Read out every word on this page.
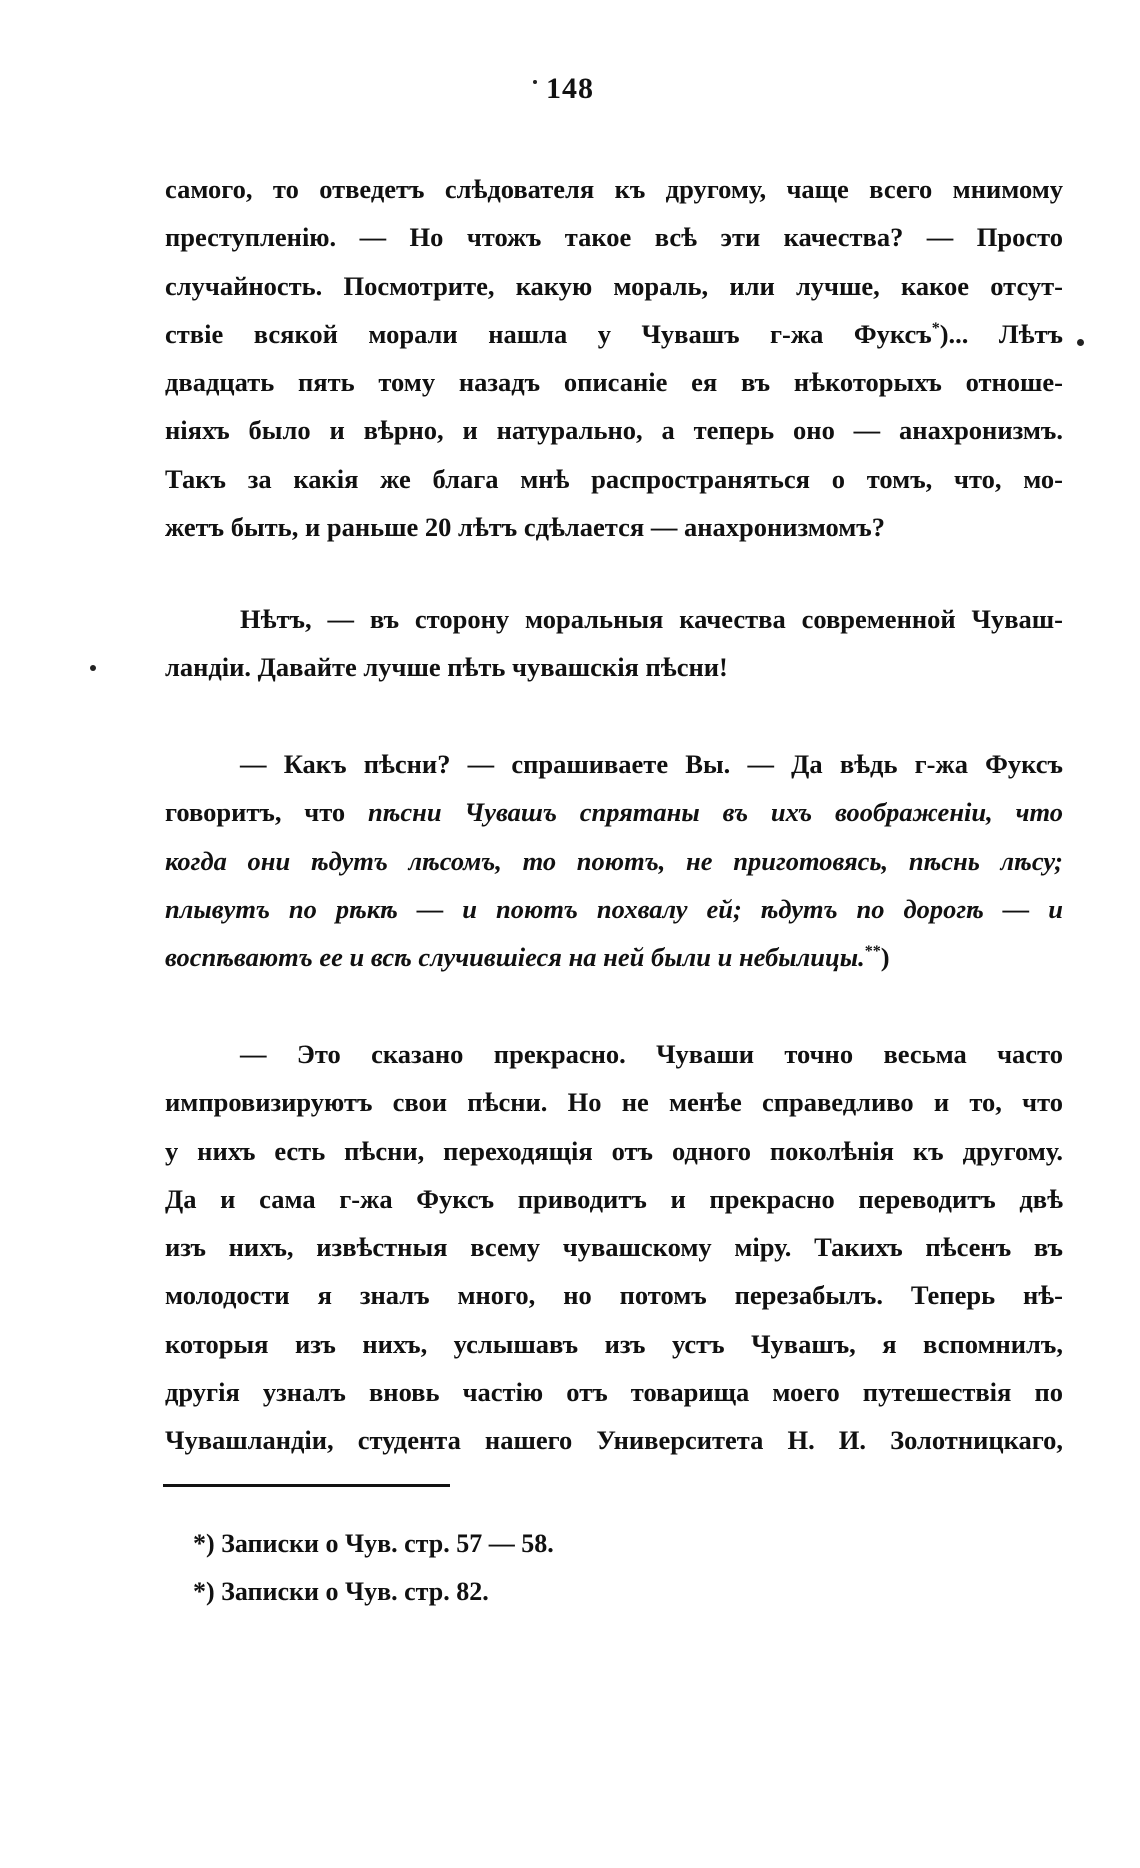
148
самого, то отведетъ слѣдователя къ другому, чаще всего мнимому
преступленію. — Но чтожъ такое всѣ эти качества? — Просто
случайность. Посмотрите, какую мораль, или лучше, какое отсут-
ствіе всякой морали нашла у Чувашъ г-жа Фуксъ*)... Лѣтъ
двадцать пять тому назадъ описаніе ея въ нѣкоторыхъ отноше-
ніяхъ было и вѣрно, и натурально, а теперь оно — анахронизмъ.
Такъ за какія же блага мнѣ распространяться о томъ, что, мо-
жетъ быть, и раньше 20 лѣтъ сдѣлается — анахронизмомъ?
Нѣтъ, — въ сторону моральныя качества современной Чуваш-
ландіи. Давайте лучше пѣть чувашскія пѣсни!
— Какъ пѣсни? — спрашиваете Вы. — Да вѣдь г-жа Фуксъ
говоритъ, что пѣсни Чувашъ спрятаны въ ихъ воображеніи, что
когда они ѣдутъ лѣсомъ, то поютъ, не приготовясь, пѣснь лѣсу;
плывутъ по рѣкѣ — и поютъ похвалу ей; ѣдутъ по дорогѣ — и
воспѣваютъ ее и всѣ случившіеся на ней были и небылицы.**)
— Это сказано прекрасно. Чуваши точно весьма часто
импровизируютъ свои пѣсни. Но не менѣе справедливо и то, что
у нихъ есть пѣсни, переходящія отъ одного поколѣнія къ другому.
Да и сама г-жа Фуксъ приводитъ и прекрасно переводитъ двѣ
изъ нихъ, извѣстныя всему чувашскому міру. Такихъ пѣсенъ въ
молодости я зналъ много, но потомъ перезабылъ. Теперь нѣ-
которыя изъ нихъ, услышавъ изъ устъ Чувашъ, я вспомнилъ,
другія узналъ вновь частію отъ товарища моего путешествія по
Чувашландіи, студента нашего Университета Н. И. Золотницкаго,
*) Записки о Чув. стр. 57 — 58.
*) Записки о Чув. стр. 82.
